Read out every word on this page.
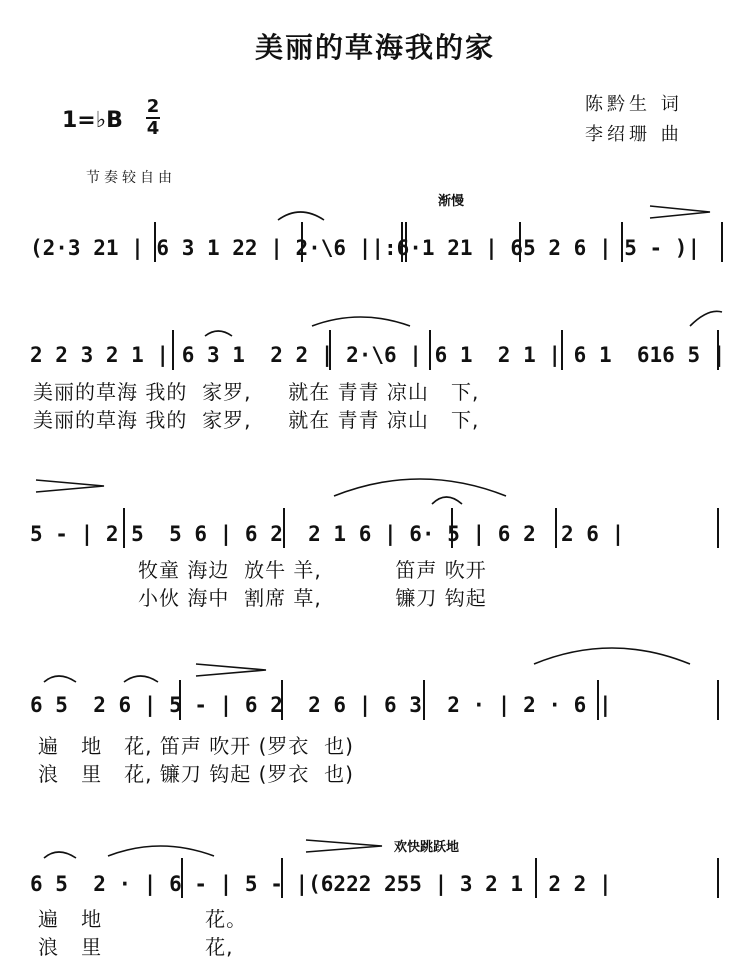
美丽的草海我的家
陈黔生 词
李绍珊 曲
1=♭B
2
4
节奏较自由
渐慢
欢快跳跃地
(2·3 21 | 6 3 1 22 | 2·\6 ||:6·1 21 | 65 2 6 | 5 - )|
2 2 3 2 1 | 6 3 1  2 2 | 2·\6 | 6 1  2 1 | 6 1  616 5 |
5 - | 2 5  5 6 | 6 2  2 1 6 | 6· 5 | 6 2  2 6 |
6 5  2 6 | 5 - | 6 2  2 6 | 6 3  2 · | 2 · 6 |
6 5  2 · | 6 - | 5 - |(6222 255 | 3 2 1  2 2 |
美丽的草海 我的  家罗,     就在 青青 凉山   下,
美丽的草海 我的  家罗,     就在 青青 凉山   下,
牧童 海边  放牛 羊,          笛声 吹开
小伙 海中  割席 草,          镰刀 钩起
遍   地   花, 笛声 吹开 (罗衣  也)
浪   里   花, 镰刀 钩起 (罗衣  也)
遍   地              花。
浪   里              花,
